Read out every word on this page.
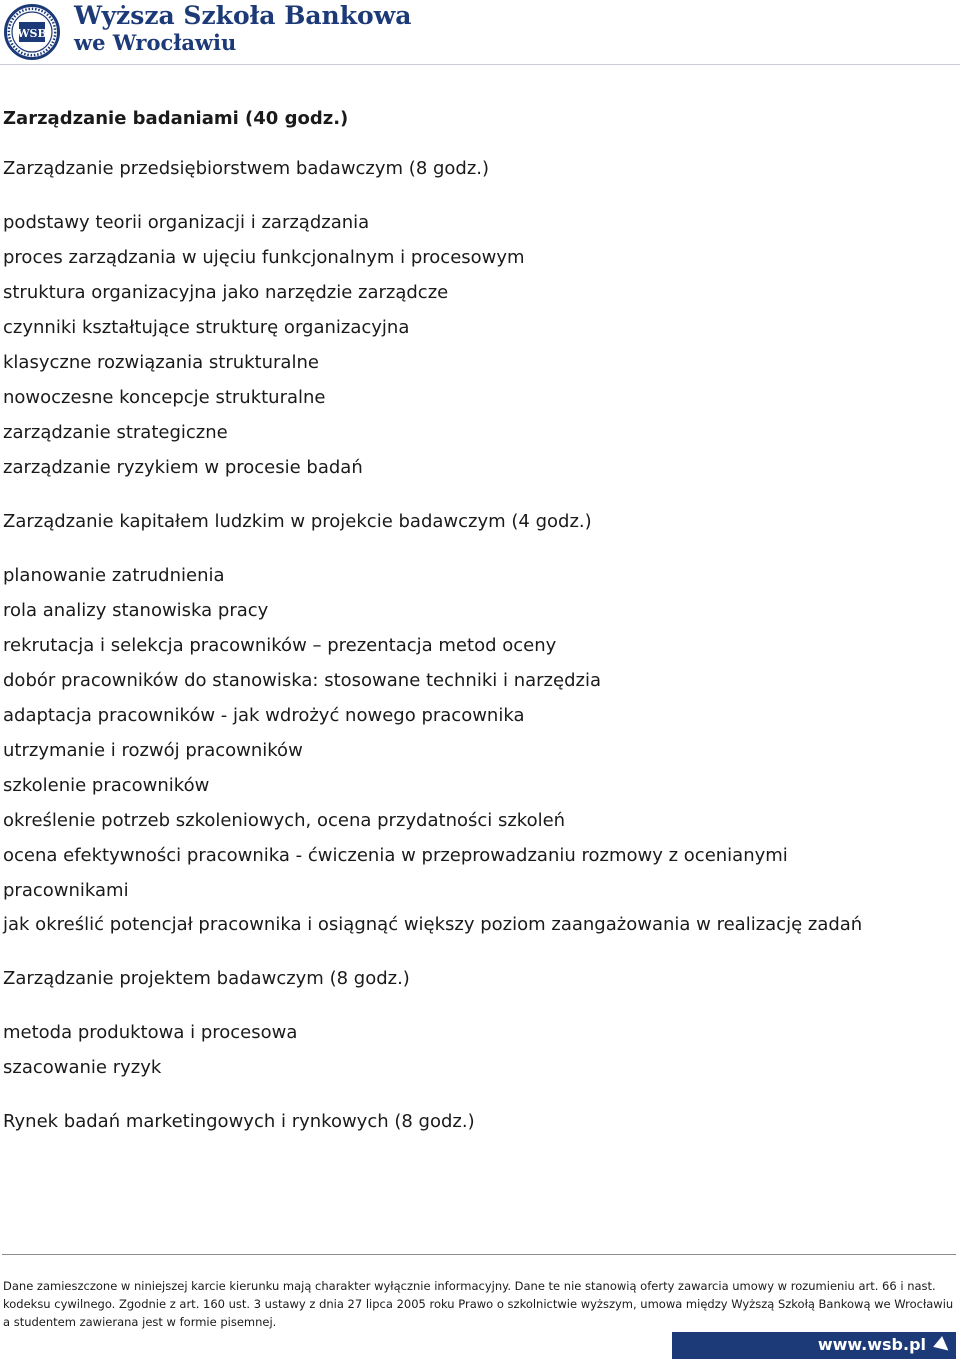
WSB
Wyższa Szkoła Bankowa
we Wrocławiu
Zarządzanie badaniami (40 godz.)
Zarządzanie przedsiębiorstwem badawczym (8 godz.)
podstawy teorii organizacji i zarządzania
proces zarządzania w ujęciu funkcjonalnym i procesowym
struktura organizacyjna jako narzędzie zarządcze
czynniki kształtujące strukturę organizacyjna
klasyczne rozwiązania strukturalne
nowoczesne koncepcje strukturalne
zarządzanie strategiczne
zarządzanie ryzykiem w procesie badań
Zarządzanie kapitałem ludzkim w projekcie badawczym (4 godz.)
planowanie zatrudnienia
rola analizy stanowiska pracy
rekrutacja i selekcja pracowników – prezentacja metod oceny
dobór pracowników do stanowiska: stosowane techniki i narzędzia
adaptacja pracowników - jak wdrożyć nowego pracownika
utrzymanie i rozwój pracowników
szkolenie pracowników
określenie potrzeb szkoleniowych, ocena przydatności szkoleń
ocena efektywności pracownika - ćwiczenia w przeprowadzaniu rozmowy z ocenianymi
pracownikami
jak określić potencjał pracownika i osiągnąć większy poziom zaangażowania w realizację zadań
Zarządzanie projektem badawczym (8 godz.)
metoda produktowa i procesowa
szacowanie ryzyk
Rynek badań marketingowych i rynkowych (8 godz.)
Dane zamieszczone w niniejszej karcie kierunku mają charakter wyłącznie informacyjny. Dane te nie stanowią oferty zawarcia umowy w rozumieniu art. 66 i nast.
kodeksu cywilnego. Zgodnie z art. 160 ust. 3 ustawy z dnia 27 lipca 2005 roku Prawo o szkolnictwie wyższym, umowa między Wyższą Szkołą Bankową we Wrocławiu
a studentem zawierana jest w formie pisemnej.
www.wsb.pl
